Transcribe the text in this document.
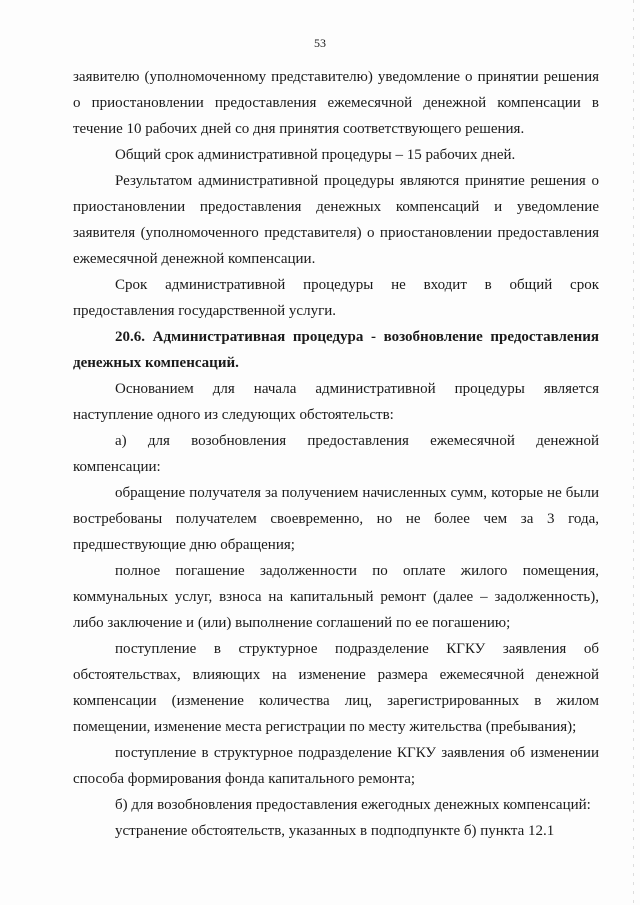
53

заявителю (уполномоченному представителю) уведомление о принятии решения о приостановлении предоставления ежемесячной денежной компенсации в течение 10 рабочих дней со дня принятия соответствующего решения.

Общий срок административной процедуры – 15 рабочих дней.

Результатом административной процедуры являются принятие решения о приостановлении предоставления денежных компенсаций и уведомление заявителя (уполномоченного представителя) о приостановлении предоставления ежемесячной денежной компенсации.

Срок административной процедуры не входит в общий срок предоставления государственной услуги.

20.6. Административная процедура - возобновление предоставления денежных компенсаций.

Основанием для начала административной процедуры является наступление одного из следующих обстоятельств:

а) для возобновления предоставления ежемесячной денежной компенсации:

обращение получателя за получением начисленных сумм, которые не были востребованы получателем своевременно, но не более чем за 3 года, предшествующие дню обращения;

полное погашение задолженности по оплате жилого помещения, коммунальных услуг, взноса на капитальный ремонт (далее – задолженность), либо заключение и (или) выполнение соглашений по ее погашению;

поступление в структурное подразделение КГКУ заявления об обстоятельствах, влияющих на изменение размера ежемесячной денежной компенсации (изменение количества лиц, зарегистрированных в жилом помещении, изменение места регистрации по месту жительства (пребывания);

поступление в структурное подразделение КГКУ заявления об изменении способа формирования фонда капитального ремонта;

б) для возобновления предоставления ежегодных денежных компенсаций:

устранение обстоятельств, указанных в подподпункте б) пункта 12.1
